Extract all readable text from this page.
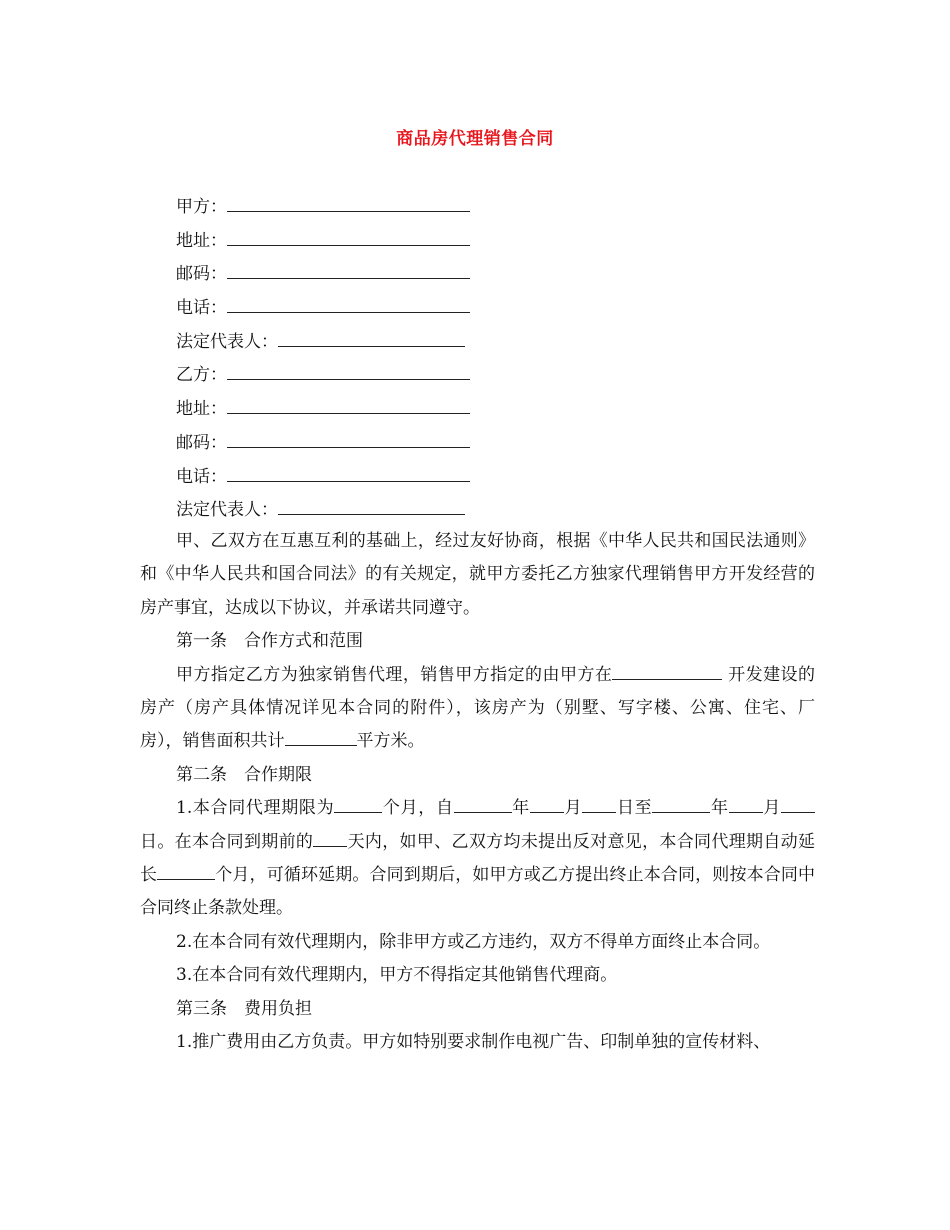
商品房代理销售合同
甲方：
地址：
邮码：
电话：
法定代表人：
乙方：
地址：
邮码：
电话：
法定代表人：

甲、乙双方在互惠互利的基础上，经过友好协商，根据《中华人民共和国民法通则》和《中华人民共和国合同法》的有关规定，就甲方委托乙方独家代理销售甲方开发经营的房产事宜，达成以下协议，并承诺共同遵守。

第一条　合作方式和范围

甲方指定乙方为独家销售代理，销售甲方指定的由甲方在	开发建设的房产（房产具体情况详见本合同的附件），该房产为（别墅、写字楼、公寓、住宅、厂房），销售面积共计	平方米。

第二条　合作期限

1.本合同代理期限为	个月，自	年 月 日至	年 月日。在本合同到期前的 天内，如甲、乙双方均未提出反对意见，本合同代理期自动延长	个月，可循环延期。合同到期后，如甲方或乙方提出终止本合同，则按本合同中合同终止条款处理。

2.在本合同有效代理期内，除非甲方或乙方违约，双方不得单方面终止本合同。

3.在本合同有效代理期内，甲方不得指定其他销售代理商。

第三条　费用负担

1.推广费用由乙方负责。甲方如特别要求制作电视广告、印制单独的宣传材料、
